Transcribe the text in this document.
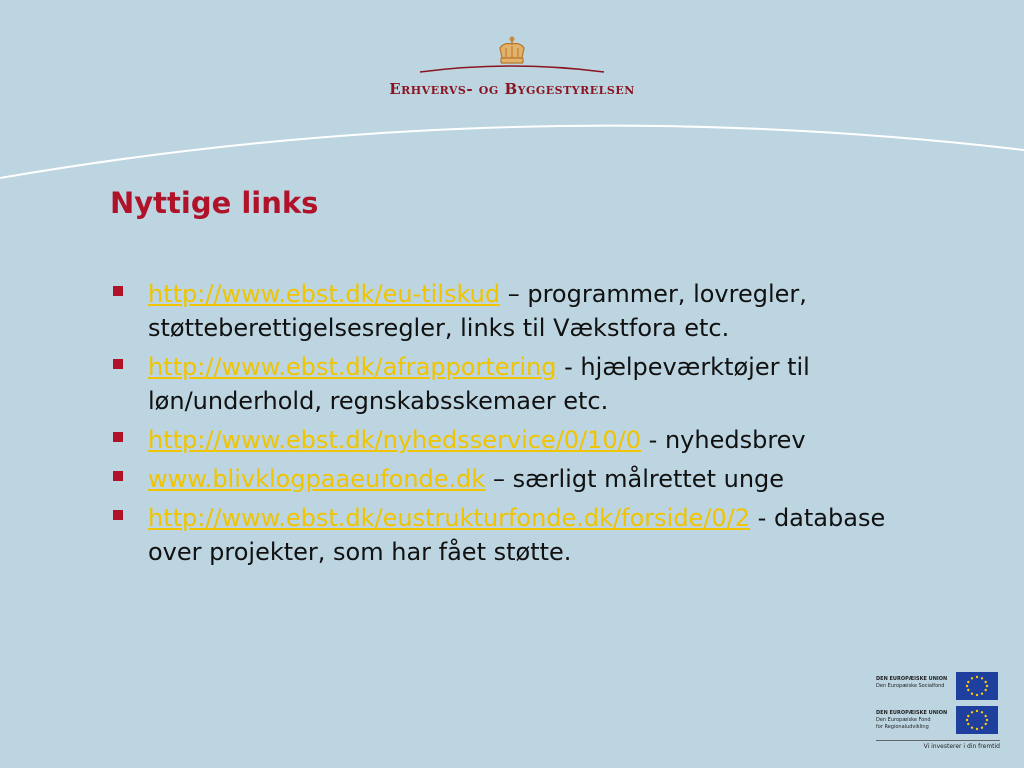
Erhvervs- og Byggestyrelsen
Nyttige links
http://www.ebst.dk/eu-tilskud – programmer, lovregler, støtteberettigelsesregler, links til Vækstfora etc.
http://www.ebst.dk/afrapportering - hjælpeværktøjer til løn/underhold, regnskabsskemaer etc.
http://www.ebst.dk/nyhedsservice/0/10/0 - nyhedsbrev
www.blivklogpaaeufonde.dk – særligt målrettet unge
http://www.ebst.dk/eustrukturfonde.dk/forside/0/2 - database over projekter, som har fået støtte.
DEN EUROPÆISKE UNION
Den Europæiske Socialfond
DEN EUROPÆISKE UNION
Den Europæiske Fond
for Regionaludvikling
Vi investerer i din fremtid
